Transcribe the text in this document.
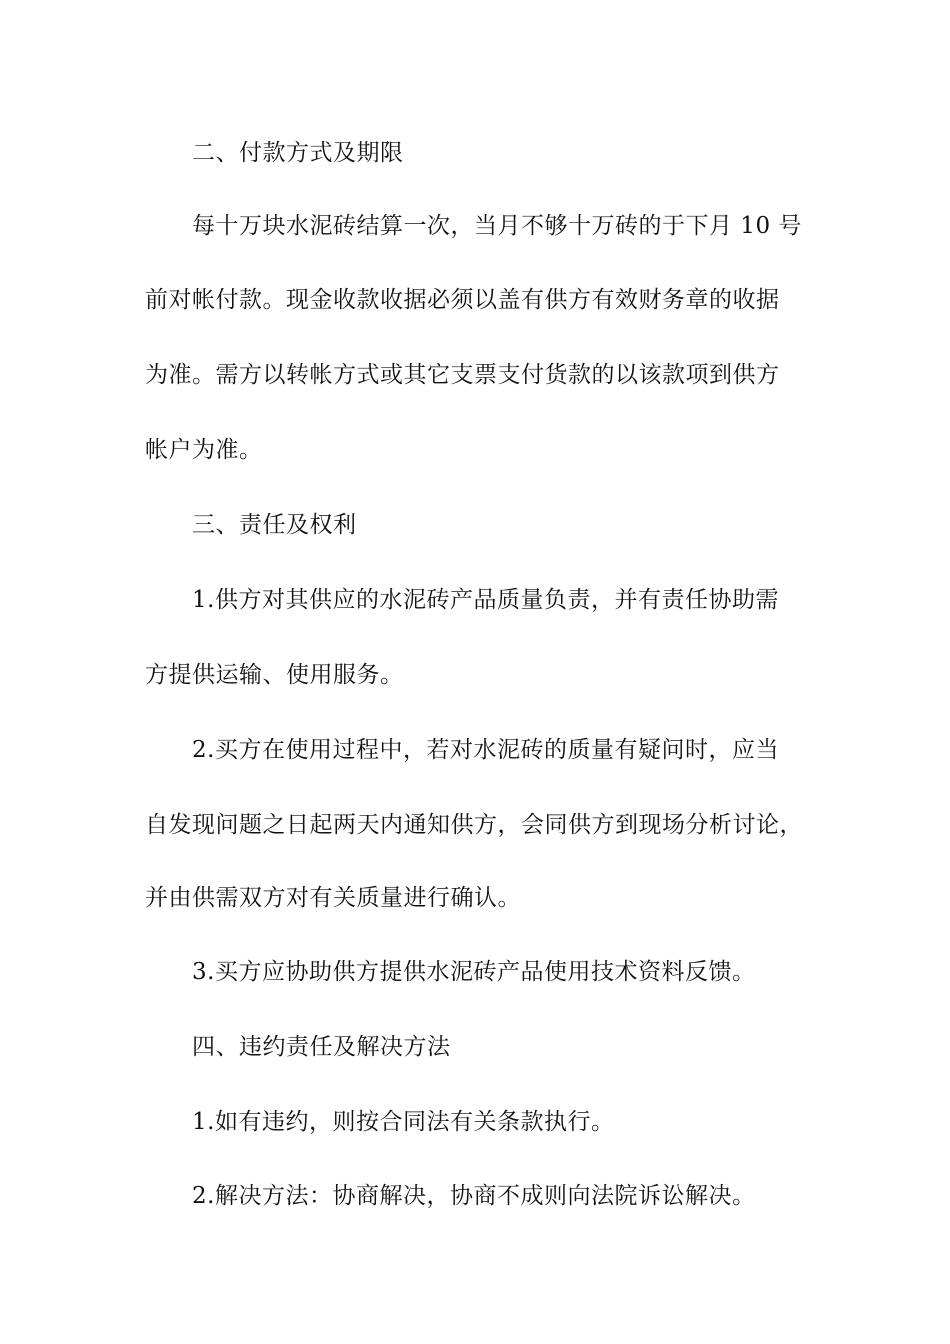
二、付款方式及期限
每十万块水泥砖结算一次，当月不够十万砖的于下月 10 号
前对帐付款。现金收款收据必须以盖有供方有效财务章的收据
为准。需方以转帐方式或其它支票支付货款的以该款项到供方
帐户为准。
三、责任及权利
1.供方对其供应的水泥砖产品质量负责，并有责任协助需
方提供运输、使用服务。
2.买方在使用过程中，若对水泥砖的质量有疑问时，应当
自发现问题之日起两天内通知供方，会同供方到现场分析讨论，
并由供需双方对有关质量进行确认。
3.买方应协助供方提供水泥砖产品使用技术资料反馈。
四、违约责任及解决方法
1.如有违约，则按合同法有关条款执行。
2.解决方法：协商解决，协商不成则向法院诉讼解决。
